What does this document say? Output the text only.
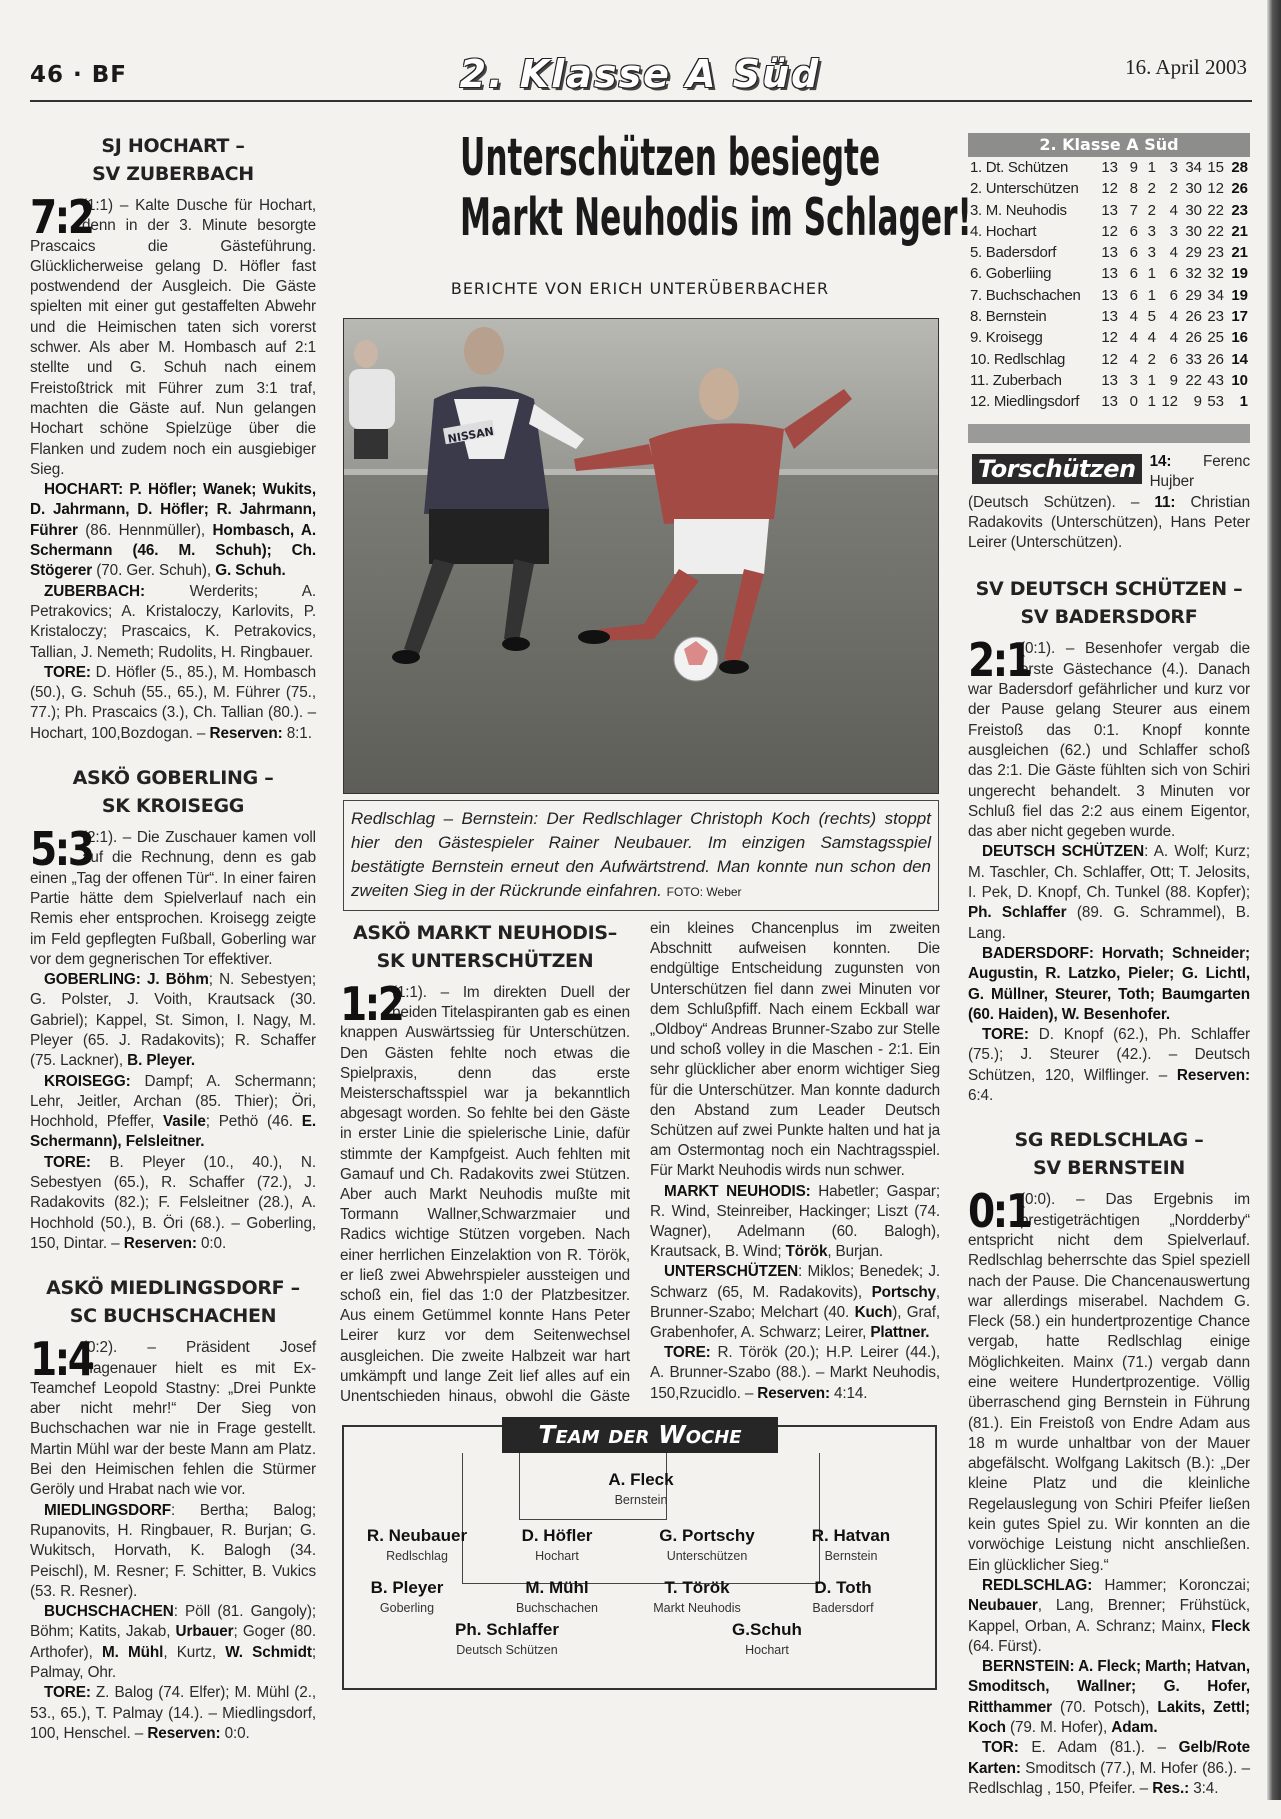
46 · BF	2. Klasse A Süd	16. April 2003
SJ HOCHART –
SV ZUBERBACH

7:2
(1:1) – Kalte Dusche für Hochart, denn in der 3. Minute besorgte Prascaics die Gästeführung. Glücklicherweise gelang D. Höfler fast postwendend der Ausgleich. Die Gäste spielten mit einer gut gestaffelten Abwehr und die Heimischen taten sich vorerst schwer. Als aber M. Hombasch auf 2:1 stellte und G. Schuh nach einem Freistoßtrick mit Führer zum 3:1 traf, machten die Gäste auf. Nun gelangen Hochart schöne Spielzüge über die Flanken und zudem noch ein ausgiebiger Sieg.

HOCHART: P. Höfler; Wanek; Wukits, D. Jahrmann, D. Höfler; R. Jahrmann, Führer (86. Hennmüller), Hombasch, A. Schermann (46. M. Schuh); Ch. Stögerer (70. Ger. Schuh), G. Schuh.

ZUBERBACH: Werderits; A. Petrakovics; A. Kristaloczy, Karlovits, P. Kristaloczy; Prascaics, K. Petrakovics, Tallian, J. Nemeth; Rudolits, H. Ringbauer.

TORE: D. Höfler (5., 85.), M. Hombasch (50.), G. Schuh (55., 65.), M. Führer (75., 77.); Ph. Prascaics (3.), Ch. Tallian (80.). – Hochart, 100,Bozdogan. – Reserven: 8:1.

ASKÖ GOBERLING –
SK KROISEGG

5:3
(2:1). – Die Zuschauer kamen voll auf die Rechnung, denn es gab einen „Tag der offenen Tür“. In einer fairen Partie hätte dem Spielverlauf nach ein Remis eher entsprochen. Kroisegg zeigte im Feld gepflegten Fußball, Goberling war vor dem gegnerischen Tor effektiver.

GOBERLING: J. Böhm; N. Sebestyen; G. Polster, J. Voith, Krautsack (30. Gabriel); Kappel, St. Simon, I. Nagy, M. Pleyer (65. J. Radakovits); R. Schaffer (75. Lackner), B. Pleyer.

KROISEGG: Dampf; A. Schermann; Lehr, Jeitler, Archan (85. Thier); Öri, Hochhold, Pfeffer, Vasile; Pethö (46. E. Schermann), Felsleitner.

TORE: B. Pleyer (10., 40.), N. Sebestyen (65.), R. Schaffer (72.), J. Radakovits (82.); F. Felsleitner (28.), A. Hochhold (50.), B. Öri (68.). – Goberling, 150, Dintar. – Reserven: 0:0.

ASKÖ MIEDLINGSDORF –
SC BUCHSCHACHEN

1:4
(0:2). – Präsident Josef Hagenauer hielt es mit Ex-Teamchef Leopold Stastny: „Drei Punkte aber nicht mehr!“ Der Sieg von Buchschachen war nie in Frage gestellt. Martin Mühl war der beste Mann am Platz. Bei den Heimischen fehlen die Stürmer Geröly und Hrabat nach wie vor.

MIEDLINGSDORF: Bertha; Balog; Rupanovits, H. Ringbauer, R. Burjan; G. Wukitsch, Horvath, K. Balogh (34. Peischl), M. Resner; F. Schitter, B. Vukics (53. R. Resner).

BUCHSCHACHEN: Pöll (81. Gangoly); Böhm; Katits, Jakab, Urbauer; Goger (80. Arthofer), M. Mühl, Kurtz, W. Schmidt; Palmay, Ohr.

TORE: Z. Balog (74. Elfer); M. Mühl (2., 53., 65.), T. Palmay (14.). – Miedlingsdorf, 100, Henschel. – Reserven: 0:0.

Unterschützen besiegte
Markt Neuhodis im Schlager!
BERICHTE VON ERICH UNTERÜBERBACHER
NISSAN
Redlschlag – Bernstein: Der Redlschlager Christoph Koch (rechts) stoppt hier den Gästespieler Rainer Neubauer. Im einzigen Samstagsspiel bestätigte Bernstein erneut den Aufwärtstrend. Man konnte nun schon den zweiten Sieg in der Rückrunde einfahren. FOTO: Weber
ASKÖ MARKT NEUHODIS–
SK UNTERSCHÜTZEN

1:2
(1:1). – Im direkten Duell der beiden Titelaspiranten gab es einen knappen Auswärtssieg für Unterschützen. Den Gästen fehlte noch etwas die Spielpraxis, denn das erste Meisterschaftsspiel war ja bekanntlich abgesagt worden. So fehlte bei den Gäste in erster Linie die spielerische Linie, dafür stimmte der Kampfgeist. Auch fehlten mit Gamauf und Ch. Radakovits zwei Stützen. Aber auch Markt Neuhodis mußte mit Tormann Wallner,Schwarzmaier und Radics wichtige Stützen vorgeben. Nach einer herrlichen Einzelaktion von R. Török, er ließ zwei Abwehrspieler aussteigen und schoß ein, fiel das 1:0 der Platzbesitzer. Aus einem Getümmel konnte Hans Peter Leirer kurz vor dem Seitenwechsel ausgleichen. Die zweite Halbzeit war hart umkämpft und lange Zeit lief alles auf ein Unentschieden hinaus, obwohl die Gäste ein kleines Chancenplus im zweiten Abschnitt aufweisen konnten. Die endgültige Entscheidung zugunsten von Unterschützen fiel dann zwei Minuten vor dem Schlußpfiff. Nach einem Eckball war „Oldboy“ Andreas Brunner-Szabo zur Stelle und schoß volley in die Maschen - 2:1. Ein sehr glücklicher aber enorm wichtiger Sieg für die Unterschützer. Man konnte dadurch den Abstand zum Leader Deutsch Schützen auf zwei Punkte halten und hat ja am Ostermontag noch ein Nachtragsspiel. Für Markt Neuhodis wirds nun schwer.

MARKT NEUHODIS: Habetler; Gaspar; R. Wind, Steinreiber, Hackinger; Liszt (74. Wagner), Adelmann (60. Balogh), Krautsack, B. Wind; Török, Burjan.

UNTERSCHÜTZEN: Miklos; Benedek; J. Schwarz (65, M. Radakovits), Portschy, Brunner-Szabo; Melchart (40. Kuch), Graf, Grabenhofer, A. Schwarz; Leirer, Plattner.

TORE: R. Török (20.); H.P. Leirer (44.), A. Brunner-Szabo (88.). – Markt Neuhodis, 150,Rzucidlo. – Reserven: 4:14.

Team der Woche
A. Fleck
Bernstein
R. Neubauer
Redlschlag
D. Höfler
Hochart
G. Portschy
Unterschützen
R. Hatvan
Bernstein
B. Pleyer
Goberling
M. Mühl
Buchschachen
T. Török
Markt Neuhodis
D. Toth
Badersdorf
Ph. Schlaffer
Deutsch Schützen
G.Schuh
Hochart
2. Klasse A Süd
1. Dt. Schützen	13 9 1 3 34 15 28
2. Unterschützen	12 8 2 2 30 12 26
3. M. Neuhodis	13 7 2 4 30 22 23
4. Hochart	12 6 3 3 30 22 21
5. Badersdorf	13 6 3 4 29 23 21
6. Goberliing	13 6 1 6 32 32 19
7. Buchschachen	13 6 1 6 29 34 19
8. Bernstein	13 4 5 4 26 23 17
9. Kroisegg	12 4 4 4 26 25 16
10. Redlschlag	12 4 2 6 33 26 14
11. Zuberbach	13 3 1 9 22 43 10
12. Miedlingsdorf	13 0 1 12	9 53	1
Torschützen 14: Ferenc Hujber (Deutsch Schützen). – 11: Christian Radakovits (Unterschützen), Hans Peter Leirer (Unterschützen).
SV DEUTSCH SCHÜTZEN –
SV BADERSDORF

2:1
(0:1). – Besenhofer vergab die erste Gästechance (4.). Danach war Badersdorf gefährlicher und kurz vor der Pause gelang Steurer aus einem Freistoß das 0:1. Knopf konnte ausgleichen (62.) und Schlaffer schoß das 2:1. Die Gäste fühlten sich von Schiri ungerecht behandelt. 3 Minuten vor Schluß fiel das 2:2 aus einem Eigentor, das aber nicht gegeben wurde.

DEUTSCH SCHÜTZEN: A. Wolf; Kurz; M. Taschler, Ch. Schlaffer, Ott; T. Jelosits, I. Pek, D. Knopf, Ch. Tunkel (88. Kopfer); Ph. Schlaffer (89. G. Schrammel), B. Lang.

BADERSDORF: Horvath; Schneider; Augustin, R. Latzko, Pieler; G. Lichtl, G. Müllner, Steurer, Toth; Baumgarten (60. Haiden), W. Besenhofer.

TORE: D. Knopf (62.), Ph. Schlaffer (75.); J. Steurer (42.). – Deutsch Schützen, 120, Wilflinger. – Reserven: 6:4.

SG REDLSCHLAG –
SV BERNSTEIN

0:1
(0:0). – Das Ergebnis im prestigeträchtigen „Nordderby“ entspricht nicht dem Spielverlauf. Redlschlag beherrschte das Spiel speziell nach der Pause. Die Chancenauswertung war allerdings miserabel. Nachdem G. Fleck (58.) ein hundertprozentige Chance vergab, hatte Redlschlag einige Möglichkeiten. Mainx (71.) vergab dann eine weitere Hundertprozentige. Völlig überraschend ging Bernstein in Führung (81.). Ein Freistoß von Endre Adam aus 18 m wurde unhaltbar von der Mauer abgefälscht. Wolfgang Lakitsch (B.): „Der kleine Platz und die kleinliche Regelauslegung von Schiri Pfeifer ließen kein gutes Spiel zu. Wir konnten an die vorwöchige Leistung nicht anschließen. Ein glücklicher Sieg.“

REDLSCHLAG: Hammer; Koronczai; Neubauer, Lang, Brenner; Frühstück, Kappel, Orban, A. Schranz; Mainx, Fleck (64. Fürst).

BERNSTEIN: A. Fleck; Marth; Hatvan, Smoditsch, Wallner; G. Hofer, Ritthammer (70. Potsch), Lakits, Zettl; Koch (79. M. Hofer), Adam.

TOR: E. Adam (81.). – Gelb/Rote Karten: Smoditsch (77.), M. Hofer (86.). – Redlschlag , 150, Pfeifer. – Res.: 3:4.
